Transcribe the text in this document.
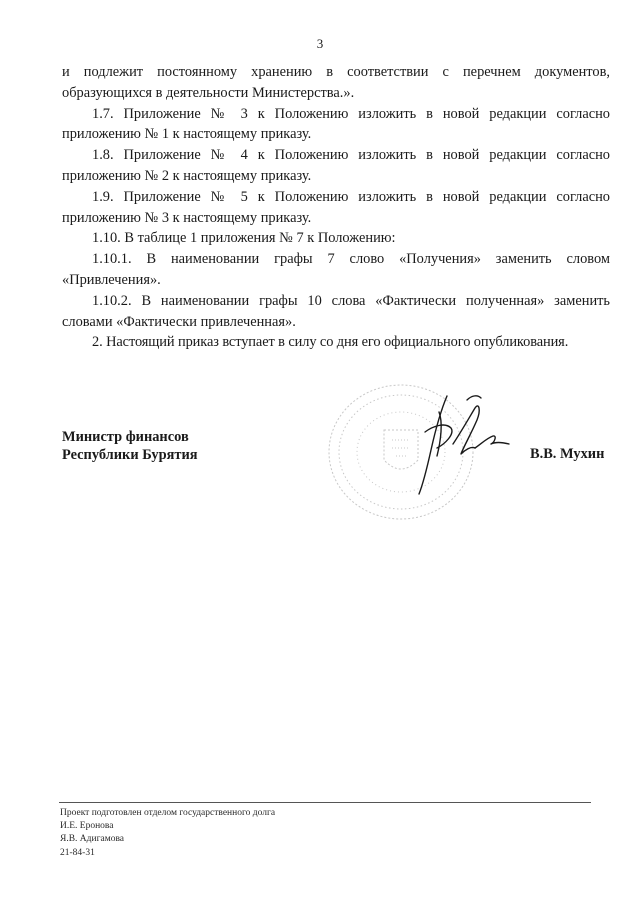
3

и подлежит постоянному хранению в соответствии с перечнем документов, образующихся в деятельности Министерства.».

1.7. Приложение № 3 к Положению изложить в новой редакции согласно приложению № 1 к настоящему приказу.

1.8. Приложение № 4 к Положению изложить в новой редакции согласно приложению № 2 к настоящему приказу.

1.9. Приложение № 5 к Положению изложить в новой редакции согласно приложению № 3 к настоящему приказу.

1.10. В таблице 1 приложения № 7 к Положению:

1.10.1. В наименовании графы 7 слово «Получения» заменить словом «Привлечения».

1.10.2. В наименовании графы 10 слова «Фактически полученная» заменить словами «Фактически привлеченная».

2. Настоящий приказ вступает в силу со дня его официального опубликования.

Министр финансов
Республики Бурятия	В.В. Мухин
Проект подготовлен отделом государственного долга
И.Е. Еронова
Я.В. Адигамова
21-84-31
